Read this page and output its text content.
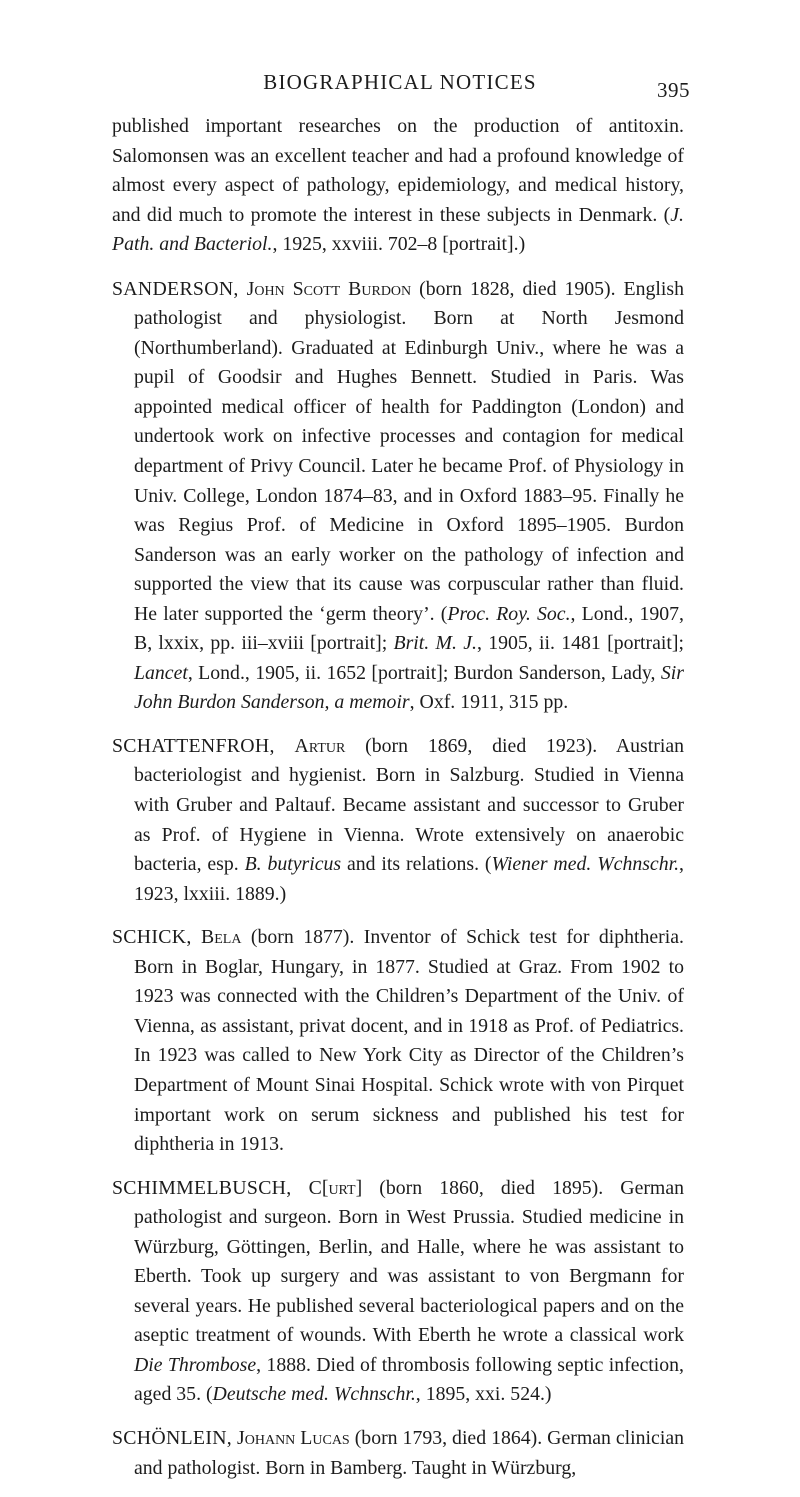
BIOGRAPHICAL NOTICES	395

published important researches on the production of antitoxin. Salomonsen was an excellent teacher and had a profound knowledge of almost every aspect of pathology, epidemiology, and medical history, and did much to promote the interest in these subjects in Denmark. (J. Path. and Bacteriol., 1925, xxviii. 702–8 [portrait].)

SANDERSON, John Scott Burdon (born 1828, died 1905). English pathologist and physiologist. Born at North Jesmond (Northumberland). Graduated at Edinburgh Univ., where he was a pupil of Goodsir and Hughes Bennett. Studied in Paris. Was appointed medical officer of health for Paddington (London) and undertook work on infective processes and contagion for medical department of Privy Council. Later he became Prof. of Physiology in Univ. College, London 1874–83, and in Oxford 1883–95. Finally he was Regius Prof. of Medicine in Oxford 1895–1905. Burdon Sanderson was an early worker on the pathology of infection and supported the view that its cause was corpuscular rather than fluid. He later supported the ‘germ theory’. (Proc. Roy. Soc., Lond., 1907, B, lxxix, pp. iii–xviii [portrait]; Brit. M. J., 1905, ii. 1481 [portrait]; Lancet, Lond., 1905, ii. 1652 [portrait]; Burdon Sanderson, Lady, Sir John Burdon Sanderson, a memoir, Oxf. 1911, 315 pp.

SCHATTENFROH, Artur (born 1869, died 1923). Austrian bacteriologist and hygienist. Born in Salzburg. Studied in Vienna with Gruber and Paltauf. Became assistant and successor to Gruber as Prof. of Hygiene in Vienna. Wrote extensively on anaerobic bacteria, esp. B. butyricus and its relations. (Wiener med. Wchnschr., 1923, lxxiii. 1889.)

SCHICK, Bela (born 1877). Inventor of Schick test for diphtheria. Born in Boglar, Hungary, in 1877. Studied at Graz. From 1902 to 1923 was connected with the Children’s Department of the Univ. of Vienna, as assistant, privat docent, and in 1918 as Prof. of Pediatrics. In 1923 was called to New York City as Director of the Children’s Department of Mount Sinai Hospital. Schick wrote with von Pirquet important work on serum sickness and published his test for diphtheria in 1913.

SCHIMMELBUSCH, C[urt] (born 1860, died 1895). German pathologist and surgeon. Born in West Prussia. Studied medicine in Würzburg, Göttingen, Berlin, and Halle, where he was assistant to Eberth. Took up surgery and was assistant to von Bergmann for several years. He published several bacteriological papers and on the aseptic treatment of wounds. With Eberth he wrote a classical work Die Thrombose, 1888. Died of thrombosis following septic infection, aged 35. (Deutsche med. Wchnschr., 1895, xxi. 524.)

SCHÖNLEIN, Johann Lucas (born 1793, died 1864). German clinician and pathologist. Born in Bamberg. Taught in Würzburg,
